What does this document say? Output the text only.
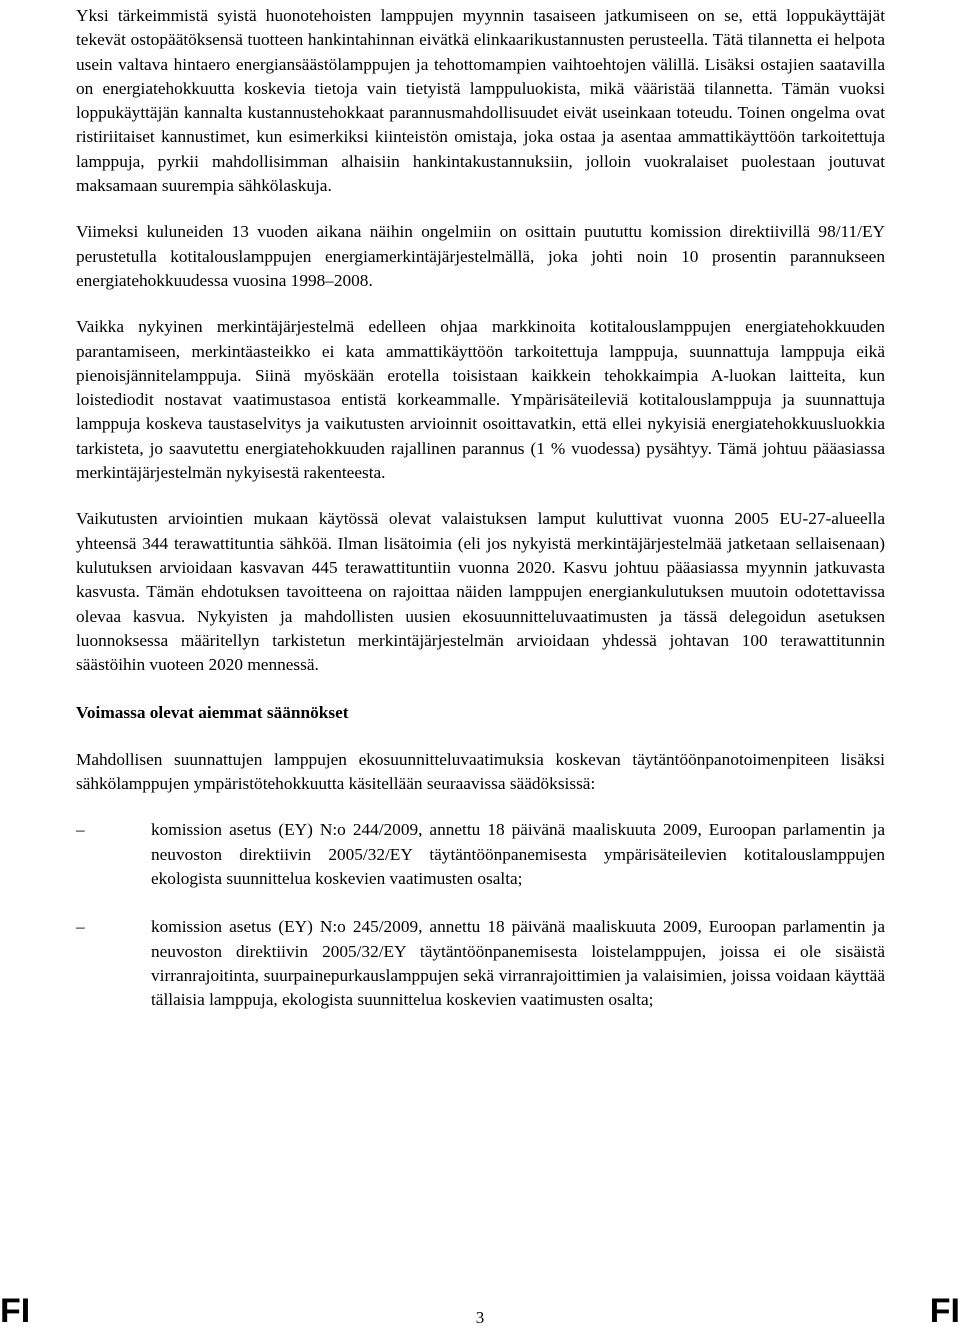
Yksi tärkeimmistä syistä huonotehoisten lamppujen myynnin tasaiseen jatkumiseen on se, että loppukäyttäjät tekevät ostopäätöksensä tuotteen hankintahinnan eivätkä elinkaarikustannusten perusteella. Tätä tilannetta ei helpota usein valtava hintaero energiansäästölamppujen ja tehottomampien vaihtoehtojen välillä. Lisäksi ostajien saatavilla on energiatehokkuutta koskevia tietoja vain tietyistä lamppuluokista, mikä vääristää tilannetta. Tämän vuoksi loppukäyttäjän kannalta kustannustehokkaat parannusmahdollisuudet eivät useinkaan toteudu. Toinen ongelma ovat ristiriitaiset kannustimet, kun esimerkiksi kiinteistön omistaja, joka ostaa ja asentaa ammattikäyttöön tarkoitettuja lamppuja, pyrkii mahdollisimman alhaisiin hankintakustannuksiin, jolloin vuokralaiset puolestaan joutuvat maksamaan suurempia sähkölaskuja.

Viimeksi kuluneiden 13 vuoden aikana näihin ongelmiin on osittain puututtu komission direktiivillä 98/11/EY perustetulla kotitalouslamppujen energiamerkintäjärjestelmällä, joka johti noin 10 prosentin parannukseen energiatehokkuudessa vuosina 1998–2008.

Vaikka nykyinen merkintäjärjestelmä edelleen ohjaa markkinoita kotitalouslamppujen energiatehokkuuden parantamiseen, merkintäasteikko ei kata ammattikäyttöön tarkoitettuja lamppuja, suunnattuja lamppuja eikä pienoisjännitelamppuja. Siinä myöskään erotella toisistaan kaikkein tehokkaimpia A-luokan laitteita, kun loistediodit nostavat vaatimustasoa entistä korkeammalle. Ympärisäteileviä kotitalouslamppuja ja suunnattuja lamppuja koskeva taustaselvitys ja vaikutusten arvioinnit osoittavatkin, että ellei nykyisiä energiatehokkuusluokkia tarkisteta, jo saavutettu energiatehokkuuden rajallinen parannus (1 % vuodessa) pysähtyy. Tämä johtuu pääasiassa merkintäjärjestelmän nykyisestä rakenteesta.

Vaikutusten arviointien mukaan käytössä olevat valaistuksen lamput kuluttivat vuonna 2005 EU-27-alueella yhteensä 344 terawattituntia sähköä. Ilman lisätoimia (eli jos nykyistä merkintäjärjestelmää jatketaan sellaisenaan) kulutuksen arvioidaan kasvavan 445 terawattituntiin vuonna 2020. Kasvu johtuu pääasiassa myynnin jatkuvasta kasvusta. Tämän ehdotuksen tavoitteena on rajoittaa näiden lamppujen energiankulutuksen muutoin odotettavissa olevaa kasvua. Nykyisten ja mahdollisten uusien ekosuunnitteluvaatimusten ja tässä delegoidun asetuksen luonnoksessa määritellyn tarkistetun merkintäjärjestelmän arvioidaan yhdessä johtavan 100 terawattitunnin säästöihin vuoteen 2020 mennessä.

Voimassa olevat aiemmat säännökset

Mahdollisen suunnattujen lamppujen ekosuunnitteluvaatimuksia koskevan täytäntöönpanotoimenpiteen lisäksi sähkölamppujen ympäristötehokkuutta käsitellään seuraavissa säädöksissä:

–	komission asetus (EY) N:o 244/2009, annettu 18 päivänä maaliskuuta 2009, Euroopan parlamentin ja neuvoston direktiivin 2005/32/EY täytäntöönpanemisesta ympärisäteilevien kotitalouslamppujen ekologista suunnittelua koskevien vaatimusten osalta;
–	komission asetus (EY) N:o 245/2009, annettu 18 päivänä maaliskuuta 2009, Euroopan parlamentin ja neuvoston direktiivin 2005/32/EY täytäntöönpanemisesta loistelamppujen, joissa ei ole sisäistä virranrajoitinta, suurpainepurkauslamppujen sekä virranrajoittimien ja valaisimien, joissa voidaan käyttää tällaisia lamppuja, ekologista suunnittelua koskevien vaatimusten osalta;
FI	3	FI
